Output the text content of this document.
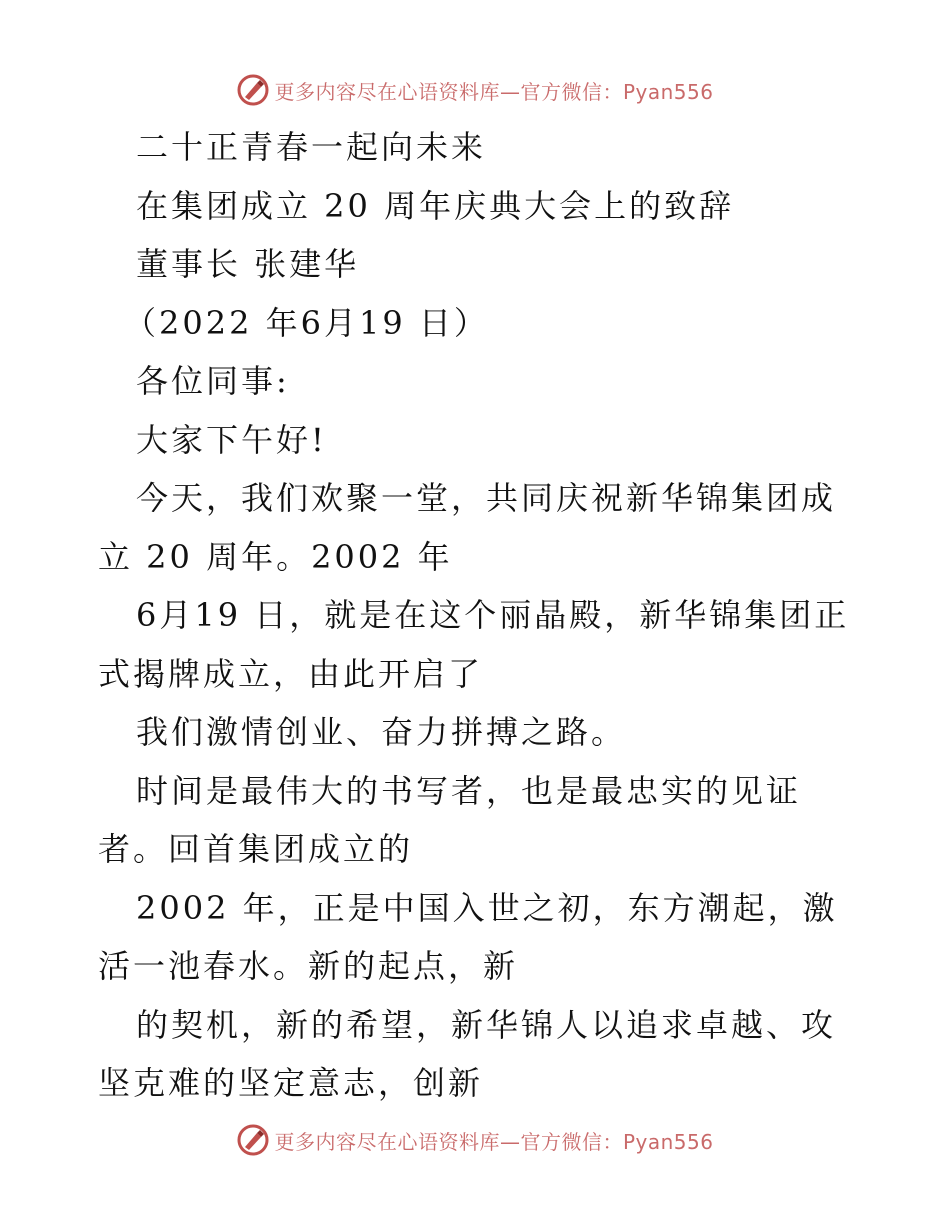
更多内容尽在心语资料库—官方微信：Pyan556

二十正青春一起向未来

在集团成立 20 周年庆典大会上的致辞

董事长 张建华

（2022 年6月19 日）

各位同事:

大家下午好!

今天，我们欢聚一堂，共同庆祝新华锦集团成立 20 周年。2002 年

6月19 日，就是在这个丽晶殿，新华锦集团正式揭牌成立，由此开启了

我们激情创业、奋力拼搏之路。

时间是最伟大的书写者，也是最忠实的见证者。回首集团成立的

2002 年，正是中国入世之初，东方潮起，激活一池春水。新的起点，新

的契机，新的希望，新华锦人以追求卓越、攻坚克难的坚定意志，创新

更多内容尽在心语资料库—官方微信：Pyan556
